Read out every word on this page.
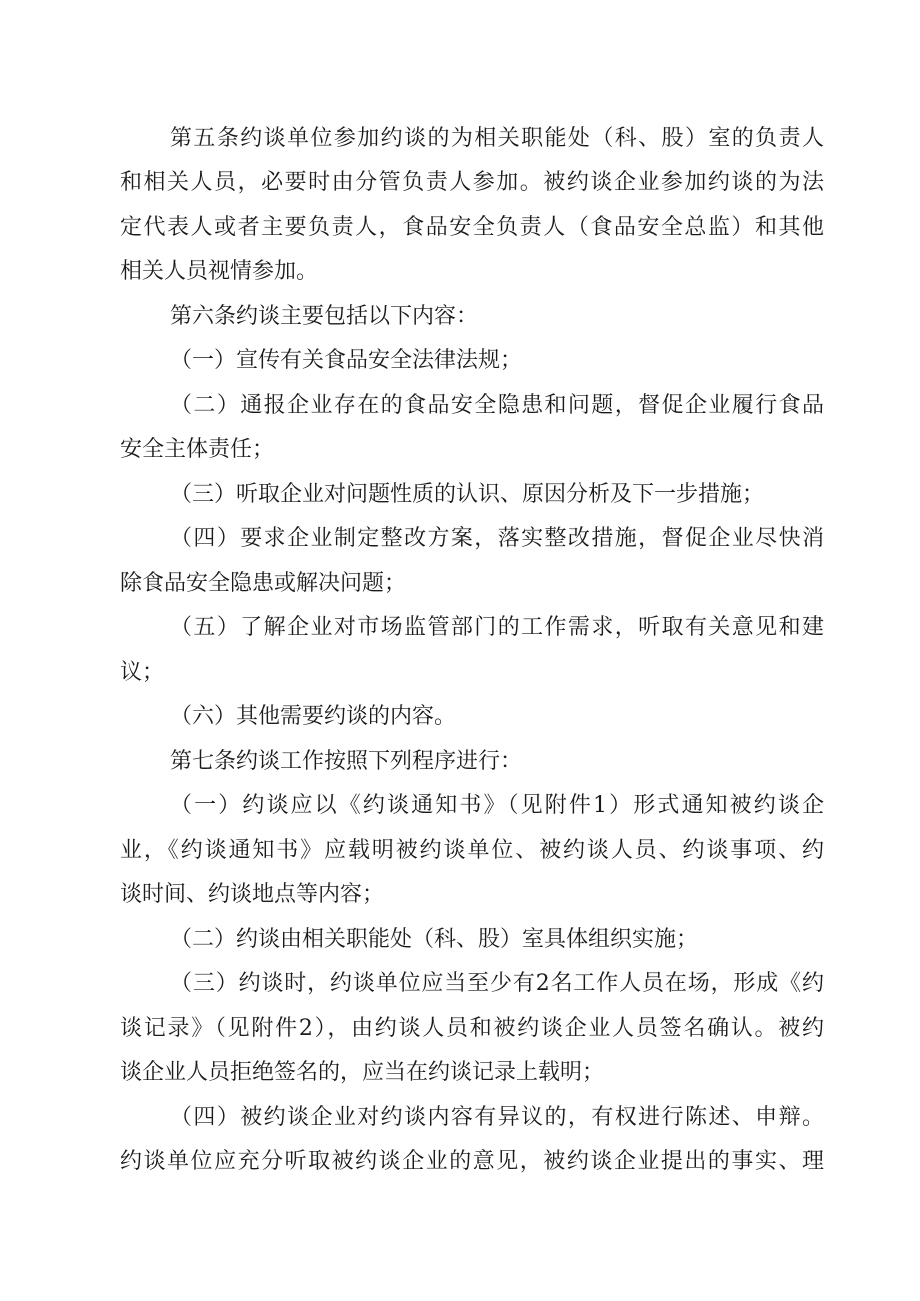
第五条约谈单位参加约谈的为相关职能处（科、股）室的负责人
和相关人员，必要时由分管负责人参加。被约谈企业参加约谈的为法
定代表人或者主要负责人，食品安全负责人（食品安全总监）和其他
相关人员视情参加。
第六条约谈主要包括以下内容：
（一）宣传有关食品安全法律法规；
（二）通报企业存在的食品安全隐患和问题，督促企业履行食品
安全主体责任；
（三）听取企业对问题性质的认识、原因分析及下一步措施；
（四）要求企业制定整改方案，落实整改措施，督促企业尽快消
除食品安全隐患或解决问题；
（五）了解企业对市场监管部门的工作需求，听取有关意见和建
议；
（六）其他需要约谈的内容。
第七条约谈工作按照下列程序进行：
（一）约谈应以《约谈通知书》（见附件1）形式通知被约谈企
业，《约谈通知书》应载明被约谈单位、被约谈人员、约谈事项、约
谈时间、约谈地点等内容；
（二）约谈由相关职能处（科、股）室具体组织实施；
（三）约谈时，约谈单位应当至少有2名工作人员在场，形成《约
谈记录》（见附件2），由约谈人员和被约谈企业人员签名确认。被约
谈企业人员拒绝签名的，应当在约谈记录上载明；
（四）被约谈企业对约谈内容有异议的，有权进行陈述、申辩。
约谈单位应充分听取被约谈企业的意见，被约谈企业提出的事实、理
